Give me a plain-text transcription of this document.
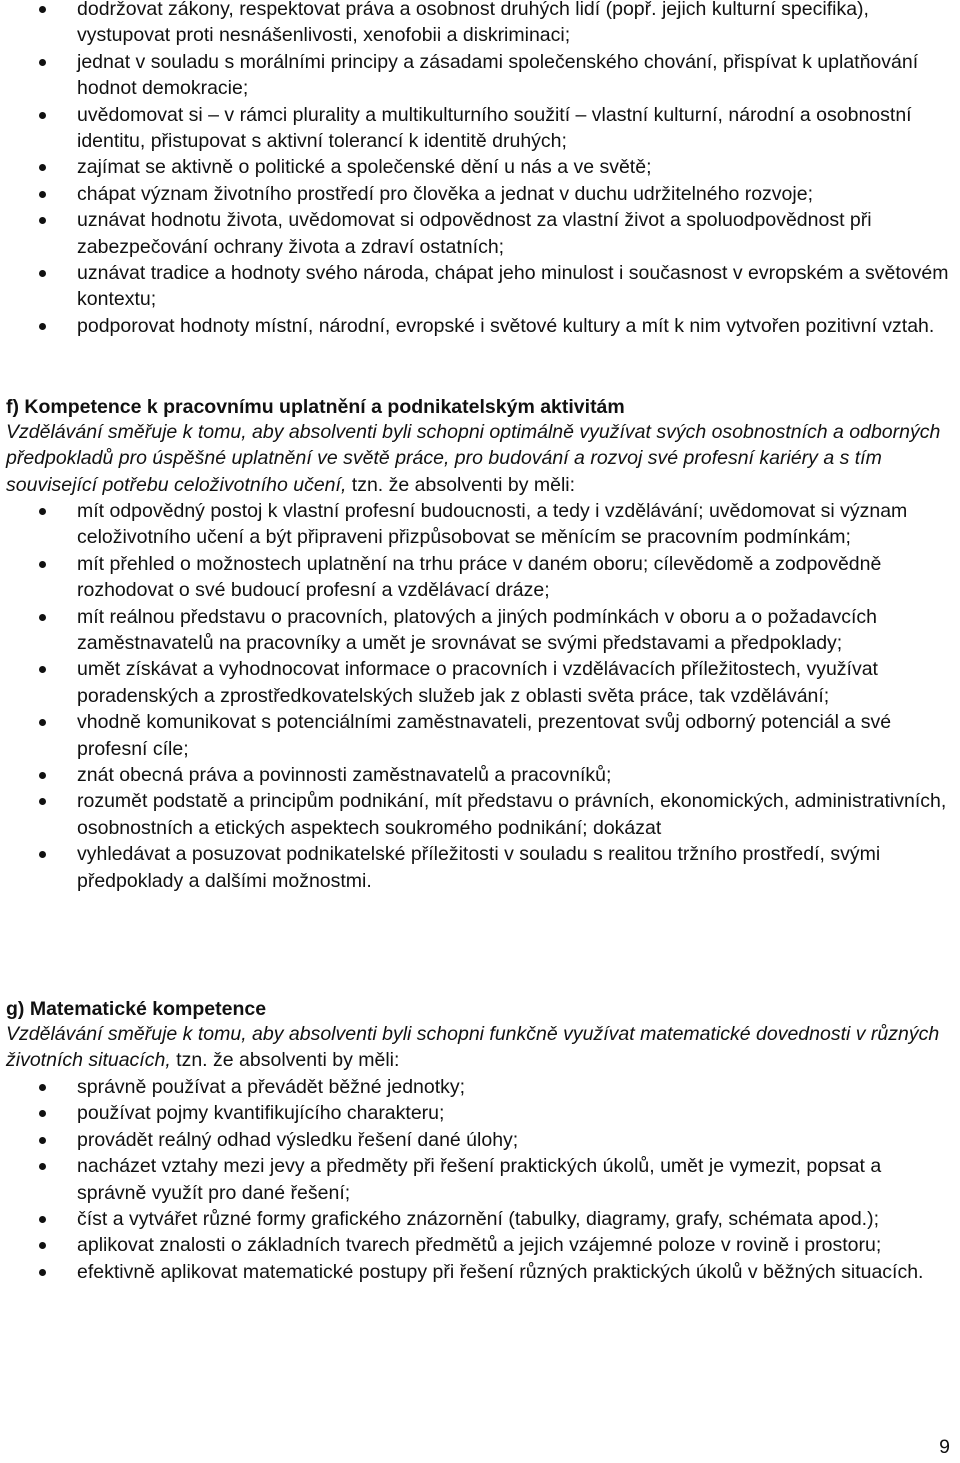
dodržovat zákony, respektovat práva a osobnost druhých lidí (popř. jejich kulturní specifika), vystupovat proti nesnášenlivosti, xenofobii a diskriminaci;
jednat v souladu s morálními principy a zásadami společenského chování, přispívat k uplatňování hodnot demokracie;
uvědomovat si – v rámci plurality a multikulturního soužití – vlastní kulturní, národní a osobnostní identitu, přistupovat s aktivní tolerancí k identitě druhých;
zajímat se aktivně o politické a společenské dění u nás a ve světě;
chápat význam životního prostředí pro člověka a jednat v duchu udržitelného rozvoje;
uznávat hodnotu života, uvědomovat si odpovědnost za vlastní život a spoluodpovědnost při zabezpečování ochrany života a zdraví ostatních;
uznávat tradice a hodnoty svého národa, chápat jeho minulost i současnost v evropském a světovém kontextu;
podporovat hodnoty místní, národní, evropské i světové kultury a mít k nim vytvořen pozitivní vztah.

f) Kompetence k pracovnímu uplatnění a podnikatelským aktivitám

Vzdělávání směřuje k tomu, aby absolventi byli schopni optimálně využívat svých osobnostních a odborných předpokladů pro úspěšné uplatnění ve světě práce, pro budování a rozvoj své profesní kariéry a s tím související potřebu celoživotního učení, tzn. že absolventi by měli:

mít odpovědný postoj k vlastní profesní budoucnosti, a tedy i vzdělávání; uvědomovat si význam celoživotního učení a být připraveni přizpůsobovat se měnícím se pracovním podmínkám;
mít přehled o možnostech uplatnění na trhu práce v daném oboru; cílevědomě a zodpovědně rozhodovat o své budoucí profesní a vzdělávací dráze;
mít reálnou představu o pracovních, platových a jiných podmínkách v oboru a o požadavcích zaměstnavatelů na pracovníky a umět je srovnávat se svými představami a předpoklady;
umět získávat a vyhodnocovat informace o pracovních i vzdělávacích příležitostech, využívat poradenských a zprostředkovatelských služeb jak z oblasti světa práce, tak vzdělávání;
vhodně komunikovat s potenciálními zaměstnavateli, prezentovat svůj odborný potenciál a své profesní cíle;
znát obecná práva a povinnosti zaměstnavatelů a pracovníků;
rozumět podstatě a principům podnikání, mít představu o právních, ekonomických, administrativních, osobnostních a etických aspektech soukromého podnikání; dokázat
vyhledávat a posuzovat podnikatelské příležitosti v souladu s realitou tržního prostředí, svými předpoklady a dalšími možnostmi.

g) Matematické kompetence

Vzdělávání směřuje k tomu, aby absolventi byli schopni funkčně využívat matematické dovednosti v různých životních situacích, tzn. že absolventi by měli:

správně používat a převádět běžné jednotky;
používat pojmy kvantifikujícího charakteru;
provádět reálný odhad výsledku řešení dané úlohy;
nacházet vztahy mezi jevy a předměty při řešení praktických úkolů, umět je vymezit, popsat a správně využít pro dané řešení;
číst a vytvářet různé formy grafického znázornění (tabulky, diagramy, grafy, schémata apod.);
aplikovat znalosti o základních tvarech předmětů a jejich vzájemné poloze v rovině i prostoru;
efektivně aplikovat matematické postupy při řešení různých praktických úkolů v běžných situacích.
9
